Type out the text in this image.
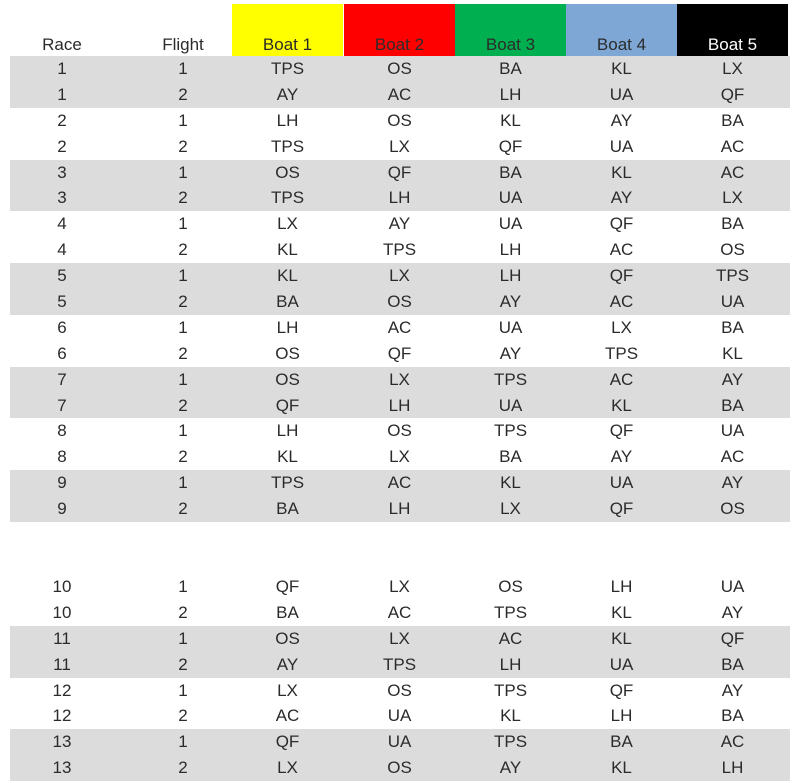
Race	Flight	Boat 1	Boat 2	Boat 3	Boat 4	Boat 5
1	1	TPS	OS	BA	KL	LX
1	2	AY	AC	LH	UA	QF
2	1	LH	OS	KL	AY	BA
2	2	TPS	LX	QF	UA	AC
3	1	OS	QF	BA	KL	AC
3	2	TPS	LH	UA	AY	LX
4	1	LX	AY	UA	QF	BA
4	2	KL	TPS	LH	AC	OS
5	1	KL	LX	LH	QF	TPS
5	2	BA	OS	AY	AC	UA
6	1	LH	AC	UA	LX	BA
6	2	OS	QF	AY	TPS	KL
7	1	OS	LX	TPS	AC	AY
7	2	QF	LH	UA	KL	BA
8	1	LH	OS	TPS	QF	UA
8	2	KL	LX	BA	AY	AC
9	1	TPS	AC	KL	UA	AY
9	2	BA	LH	LX	QF	OS
10	1	QF	LX	OS	LH	UA
10	2	BA	AC	TPS	KL	AY
11	1	OS	LX	AC	KL	QF
11	2	AY	TPS	LH	UA	BA
12	1	LX	OS	TPS	QF	AY
12	2	AC	UA	KL	LH	BA
13	1	QF	UA	TPS	BA	AC
13	2	LX	OS	AY	KL	LH
